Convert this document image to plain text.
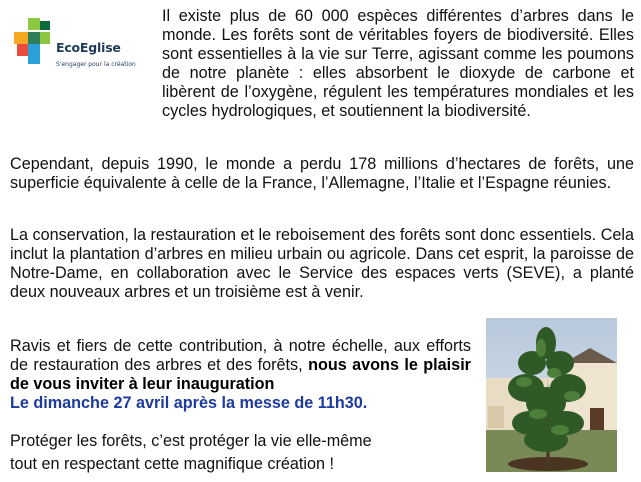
EcoEglise
S'engager pour la création
Il existe plus de 60 000 espèces différentes d’arbres dans le monde. Les forêts sont de véritables foyers de biodiversité. Elles sont essentielles à la vie sur Terre, agissant comme les poumons de notre planète : elles absorbent le dioxyde de carbone et libèrent de l’oxygène, régulent les températures mondiales et les cycles hydrologiques, et soutiennent la biodiversité.
Cependant, depuis 1990, le monde a perdu 178 millions d’hectares de forêts, une superficie équivalente à celle de la France, l’Allemagne, l’Italie et l’Espagne réunies.
La conservation, la restauration et le reboisement des forêts sont donc essentiels. Cela inclut la plantation d’arbres en milieu urbain ou agricole. Dans cet esprit, la paroisse de Notre-Dame, en collaboration avec le Service des espaces verts (SEVE), a planté deux nouveaux arbres et un troisième est à venir.
Ravis et fiers de cette contribution, à notre échelle, aux efforts de restauration des arbres et des forêts, nous avons le plaisir de vous inviter à leur inauguration
Le dimanche 27 avril après la messe de 11h30.
Protéger les forêts, c’est protéger la vie elle-même
tout en respectant cette magnifique création !
